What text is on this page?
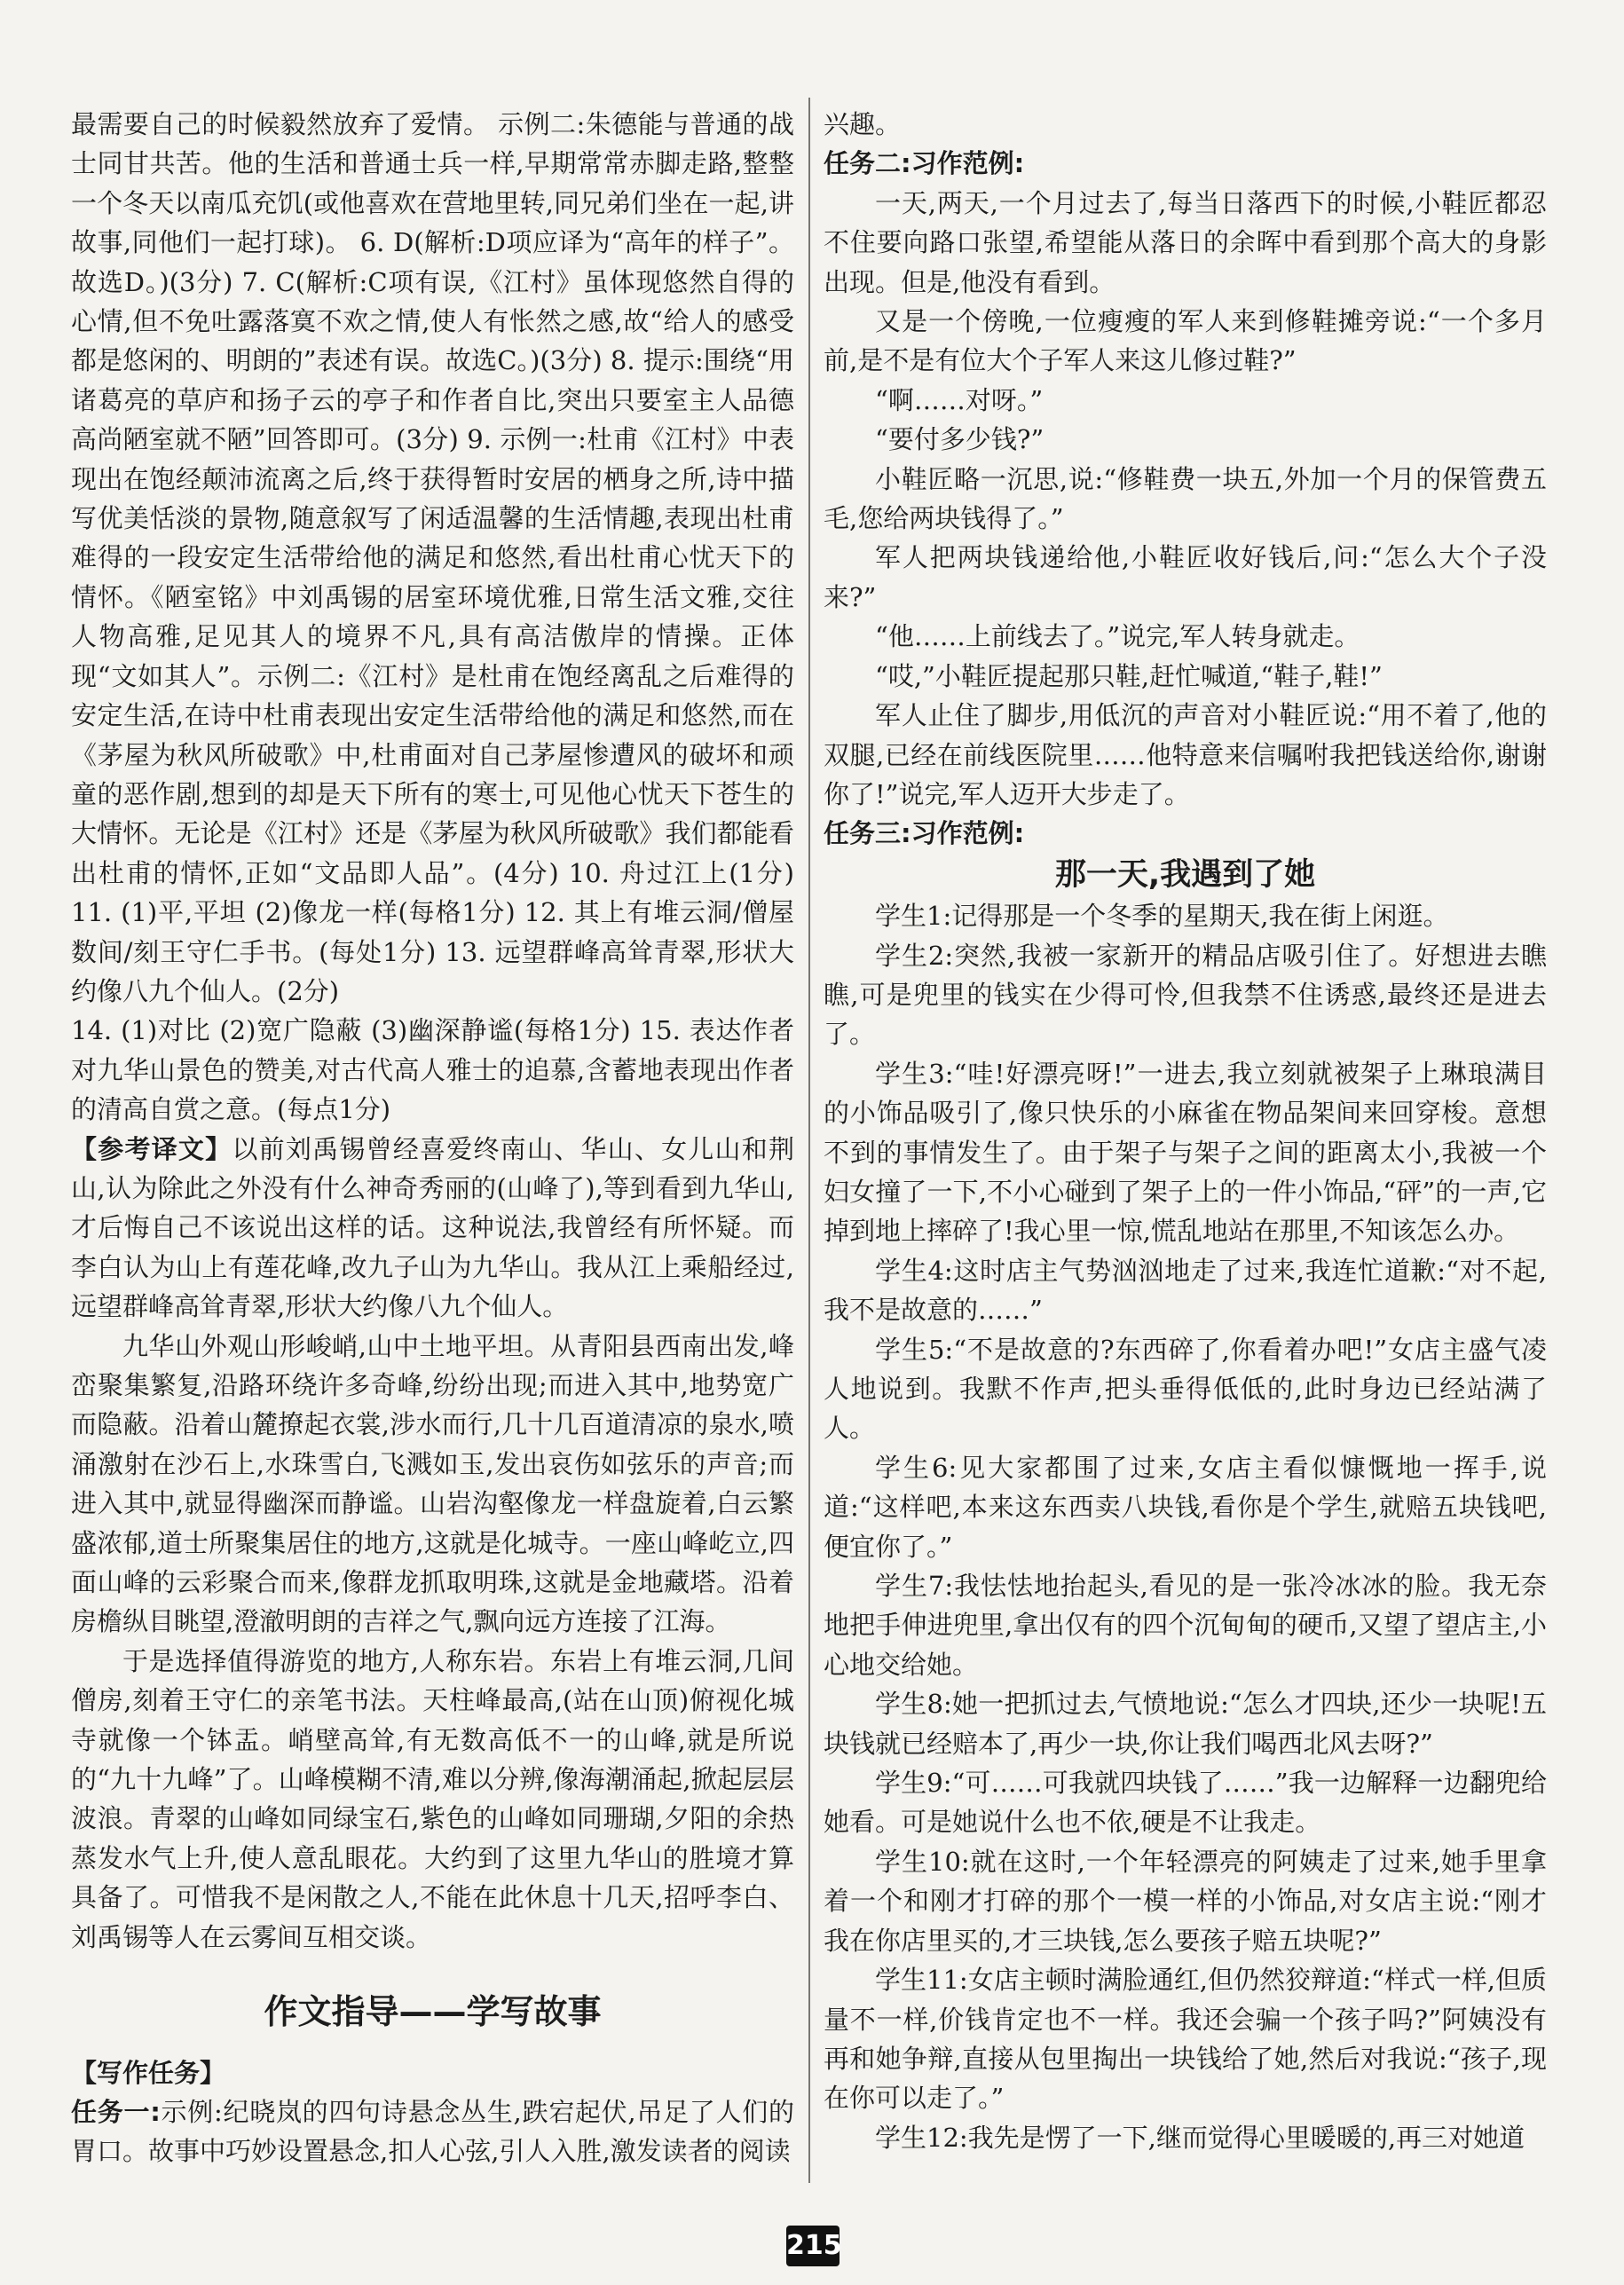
最需要自己的时候毅然放弃了爱情。 示例二:朱德能与普通的战士同甘共苦。他的生活和普通士兵一样,早期常常赤脚走路,整整一个冬天以南瓜充饥(或他喜欢在营地里转,同兄弟们坐在一起,讲故事,同他们一起打球)。 6. D(解析:D项应译为“高年的样子”。故选D。)(3分) 7. C(解析:C项有误,《江村》虽体现悠然自得的心情,但不免吐露落寞不欢之情,使人有怅然之感,故“给人的感受都是悠闲的、明朗的”表述有误。故选C。)(3分) 8. 提示:围绕“用诸葛亮的草庐和扬子云的亭子和作者自比,突出只要室主人品德高尚陋室就不陋”回答即可。(3分) 9. 示例一:杜甫《江村》中表现出在饱经颠沛流离之后,终于获得暂时安居的栖身之所,诗中描写优美恬淡的景物,随意叙写了闲适温馨的生活情趣,表现出杜甫难得的一段安定生活带给他的满足和悠然,看出杜甫心忧天下的情怀。《陋室铭》中刘禹锡的居室环境优雅,日常生活文雅,交往人物高雅,足见其人的境界不凡,具有高洁傲岸的情操。正体现“文如其人”。示例二:《江村》是杜甫在饱经离乱之后难得的安定生活,在诗中杜甫表现出安定生活带给他的满足和悠然,而在《茅屋为秋风所破歌》中,杜甫面对自己茅屋惨遭风的破坏和顽童的恶作剧,想到的却是天下所有的寒士,可见他心忧天下苍生的大情怀。无论是《江村》还是《茅屋为秋风所破歌》我们都能看出杜甫的情怀,正如“文品即人品”。(4分) 10. 舟过江上(1分) 11. (1)平,平坦 (2)像龙一样(每格1分) 12. 其上有堆云洞/僧屋数间/刻王守仁手书。(每处1分) 13. 远望群峰高耸青翠,形状大约像八九个仙人。(2分)

14. (1)对比 (2)宽广隐蔽 (3)幽深静谧(每格1分) 15. 表达作者对九华山景色的赞美,对古代高人雅士的追慕,含蓄地表现出作者的清高自赏之意。(每点1分)

【参考译文】以前刘禹锡曾经喜爱终南山、华山、女儿山和荆山,认为除此之外没有什么神奇秀丽的(山峰了),等到看到九华山,才后悔自己不该说出这样的话。这种说法,我曾经有所怀疑。而李白认为山上有莲花峰,改九子山为九华山。我从江上乘船经过,远望群峰高耸青翠,形状大约像八九个仙人。

九华山外观山形峻峭,山中土地平坦。从青阳县西南出发,峰峦聚集繁复,沿路环绕许多奇峰,纷纷出现;而进入其中,地势宽广而隐蔽。沿着山麓撩起衣裳,涉水而行,几十几百道清凉的泉水,喷涌激射在沙石上,水珠雪白,飞溅如玉,发出哀伤如弦乐的声音;而进入其中,就显得幽深而静谧。山岩沟壑像龙一样盘旋着,白云繁盛浓郁,道士所聚集居住的地方,这就是化城寺。一座山峰屹立,四面山峰的云彩聚合而来,像群龙抓取明珠,这就是金地藏塔。沿着房檐纵目眺望,澄澈明朗的吉祥之气,飘向远方连接了江海。

于是选择值得游览的地方,人称东岩。东岩上有堆云洞,几间僧房,刻着王守仁的亲笔书法。天柱峰最高,(站在山顶)俯视化城寺就像一个钵盂。峭壁高耸,有无数高低不一的山峰,就是所说的“九十九峰”了。山峰模糊不清,难以分辨,像海潮涌起,掀起层层波浪。青翠的山峰如同绿宝石,紫色的山峰如同珊瑚,夕阳的余热蒸发水气上升,使人意乱眼花。大约到了这里九华山的胜境才算具备了。可惜我不是闲散之人,不能在此休息十几天,招呼李白、刘禹锡等人在云雾间互相交谈。

作文指导——学写故事

【写作任务】

任务一:示例:纪晓岚的四句诗悬念丛生,跌宕起伏,吊足了人们的胃口。故事中巧妙设置悬念,扣人心弦,引人入胜,激发读者的阅读

兴趣。

任务二:习作范例:

一天,两天,一个月过去了,每当日落西下的时候,小鞋匠都忍不住要向路口张望,希望能从落日的余晖中看到那个高大的身影出现。但是,他没有看到。

又是一个傍晚,一位瘦瘦的军人来到修鞋摊旁说:“一个多月前,是不是有位大个子军人来这儿修过鞋?”

“啊……对呀。”

“要付多少钱?”

小鞋匠略一沉思,说:“修鞋费一块五,外加一个月的保管费五毛,您给两块钱得了。”

军人把两块钱递给他,小鞋匠收好钱后,问:“怎么大个子没来?”

“他……上前线去了。”说完,军人转身就走。

“哎,”小鞋匠提起那只鞋,赶忙喊道,“鞋子,鞋!”

军人止住了脚步,用低沉的声音对小鞋匠说:“用不着了,他的双腿,已经在前线医院里……他特意来信嘱咐我把钱送给你,谢谢你了!”说完,军人迈开大步走了。

任务三:习作范例:

那一天,我遇到了她

学生1:记得那是一个冬季的星期天,我在街上闲逛。

学生2:突然,我被一家新开的精品店吸引住了。好想进去瞧瞧,可是兜里的钱实在少得可怜,但我禁不住诱惑,最终还是进去了。

学生3:“哇!好漂亮呀!”一进去,我立刻就被架子上琳琅满目的小饰品吸引了,像只快乐的小麻雀在物品架间来回穿梭。意想不到的事情发生了。由于架子与架子之间的距离太小,我被一个妇女撞了一下,不小心碰到了架子上的一件小饰品,“砰”的一声,它掉到地上摔碎了!我心里一惊,慌乱地站在那里,不知该怎么办。

学生4:这时店主气势汹汹地走了过来,我连忙道歉:“对不起,我不是故意的……”

学生5:“不是故意的?东西碎了,你看着办吧!”女店主盛气凌人地说到。我默不作声,把头垂得低低的,此时身边已经站满了人。

学生6:见大家都围了过来,女店主看似慷慨地一挥手,说道:“这样吧,本来这东西卖八块钱,看你是个学生,就赔五块钱吧,便宜你了。”

学生7:我怯怯地抬起头,看见的是一张冷冰冰的脸。我无奈地把手伸进兜里,拿出仅有的四个沉甸甸的硬币,又望了望店主,小心地交给她。

学生8:她一把抓过去,气愤地说:“怎么才四块,还少一块呢!五块钱就已经赔本了,再少一块,你让我们喝西北风去呀?”

学生9:“可……可我就四块钱了……”我一边解释一边翻兜给她看。可是她说什么也不依,硬是不让我走。

学生10:就在这时,一个年轻漂亮的阿姨走了过来,她手里拿着一个和刚才打碎的那个一模一样的小饰品,对女店主说:“刚才我在你店里买的,才三块钱,怎么要孩子赔五块呢?”

学生11:女店主顿时满脸通红,但仍然狡辩道:“样式一样,但质量不一样,价钱肯定也不一样。我还会骗一个孩子吗?”阿姨没有再和她争辩,直接从包里掏出一块钱给了她,然后对我说:“孩子,现在你可以走了。”

学生12:我先是愣了一下,继而觉得心里暖暖的,再三对她道

215
